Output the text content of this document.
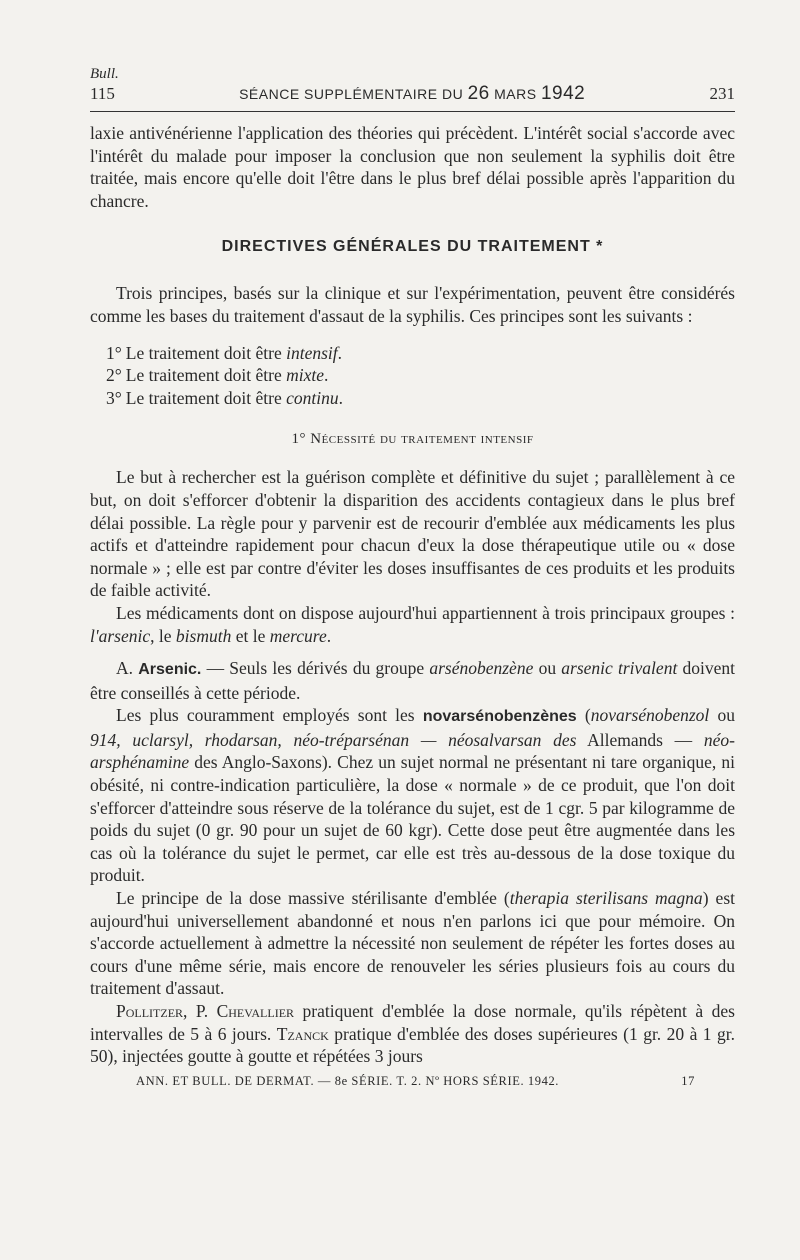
Bull.
115	SÉANCE SUPPLÉMENTAIRE DU 26 MARS 1942	231

laxie antivénérienne l'application des théories qui précèdent. L'intérêt social s'accorde avec l'intérêt du malade pour imposer la conclusion que non seulement la syphilis doit être traitée, mais encore qu'elle doit l'être dans le plus bref délai possible après l'apparition du chancre.

DIRECTIVES GÉNÉRALES DU TRAITEMENT *

Trois principes, basés sur la clinique et sur l'expérimentation, peuvent être considérés comme les bases du traitement d'assaut de la syphilis. Ces principes sont les suivants :

1° Le traitement doit être intensif.
2° Le traitement doit être mixte.
3° Le traitement doit être continu.
1° Nécessité du traitement intensif

Le but à rechercher est la guérison complète et définitive du sujet ; parallèlement à ce but, on doit s'efforcer d'obtenir la disparition des accidents contagieux dans le plus bref délai possible. La règle pour y parvenir est de recourir d'emblée aux médicaments les plus actifs et d'atteindre rapidement pour chacun d'eux la dose thérapeutique utile ou « dose normale » ; elle est par contre d'éviter les doses insuffisantes de ces produits et les produits de faible activité.

Les médicaments dont on dispose aujourd'hui appartiennent à trois principaux groupes : l'arsenic, le bismuth et le mercure.

A. Arsenic. — Seuls les dérivés du groupe arsénobenzène ou arsenic trivalent doivent être conseillés à cette période.

Les plus couramment employés sont les novarsénobenzènes (novarsénobenzol ou 914, uclarsyl, rhodarsan, néo-tréparsénan — néosalvarsan des Allemands — néo-arsphénamine des Anglo-Saxons). Chez un sujet normal ne présentant ni tare organique, ni obésité, ni contre-indication particulière, la dose « normale » de ce produit, que l'on doit s'efforcer d'atteindre sous réserve de la tolérance du sujet, est de 1 cgr. 5 par kilogramme de poids du sujet (0 gr. 90 pour un sujet de 60 kgr). Cette dose peut être augmentée dans les cas où la tolérance du sujet le permet, car elle est très au-dessous de la dose toxique du produit.

Le principe de la dose massive stérilisante d'emblée (therapia sterilisans magna) est aujourd'hui universellement abandonné et nous n'en parlons ici que pour mémoire. On s'accorde actuellement à admettre la nécessité non seulement de répéter les fortes doses au cours d'une même série, mais encore de renouveler les séries plusieurs fois au cours du traitement d'assaut.

Pollitzer, P. Chevallier pratiquent d'emblée la dose normale, qu'ils répètent à des intervalles de 5 à 6 jours. Tzanck pratique d'emblée des doses supérieures (1 gr. 20 à 1 gr. 50), injectées goutte à goutte et répétées 3 jours

ANN. ET BULL. DE DERMAT. — 8e SÉRIE. T. 2. Nº HORS SÉRIE. 1942.	17
